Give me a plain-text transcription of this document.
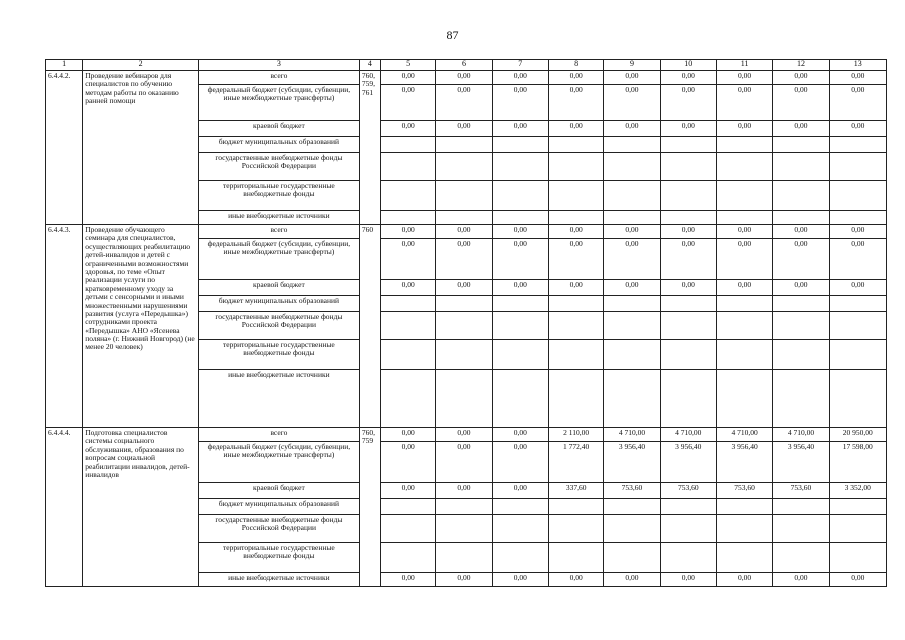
87
1	2	3	4	5	6	7	8	9	10	11	12	13
6.4.4.2.	Проведение вебинаров для специалистов по обучению методам работы по оказанию ранней помощи	всего	760, 759, 761	0,00	0,00	0,00	0,00	0,00	0,00	0,00	0,00	0,00
		федеральный бюджет (субсидии, субвенции, иные межбюджетные трансферты)		0,00	0,00	0,00	0,00	0,00	0,00	0,00	0,00	0,00
		краевой бюджет		0,00	0,00	0,00	0,00	0,00	0,00	0,00	0,00	0,00
		бюджет муниципальных образований										
		государственные внебюджетные фонды Российской Федерации										
		территориальные государственные внебюджетные фонды										
		иные внебюджетные источники										
6.4.4.3.	Проведение обучающего семинара для специалистов, осуществляющих реабилитацию детей-инвалидов и детей с ограниченными возможностями здоровья, по теме «Опыт реализации услуги по кратковременному уходу за детьми с сенсорными и иными множественными нарушениями развития (услуга «Передышка») сотрудниками проекта «Передышка» АНО «Ясенева поляна» (г. Нижний Новгород) (не менее 20 человек)	всего	760	0,00	0,00	0,00	0,00	0,00	0,00	0,00	0,00	0,00
		федеральный бюджет (субсидии, субвенции, иные межбюджетные трансферты)		0,00	0,00	0,00	0,00	0,00	0,00	0,00	0,00	0,00
		краевой бюджет		0,00	0,00	0,00	0,00	0,00	0,00	0,00	0,00	0,00
		бюджет муниципальных образований										
		государственные внебюджетные фонды Российской Федерации										
		территориальные государственные внебюджетные фонды										
		иные внебюджетные источники										
6.4.4.4.	Подготовка специалистов системы социального обслуживания, образования по вопросам социальной реабилитации инвалидов, детей-инвалидов	всего	760, 759	0,00	0,00	0,00	2 110,00	4 710,00	4 710,00	4 710,00	4 710,00	20 950,00
		федеральный бюджет (субсидии, субвенции, иные межбюджетные трансферты)		0,00	0,00	0,00	1 772,40	3 956,40	3 956,40	3 956,40	3 956,40	17 598,00
		краевой бюджет		0,00	0,00	0,00	337,60	753,60	753,60	753,60	753,60	3 352,00
		бюджет муниципальных образований										
		государственные внебюджетные фонды Российской Федерации										
		территориальные государственные внебюджетные фонды										
		иные внебюджетные источники		0,00	0,00	0,00	0,00	0,00	0,00	0,00	0,00	0,00
